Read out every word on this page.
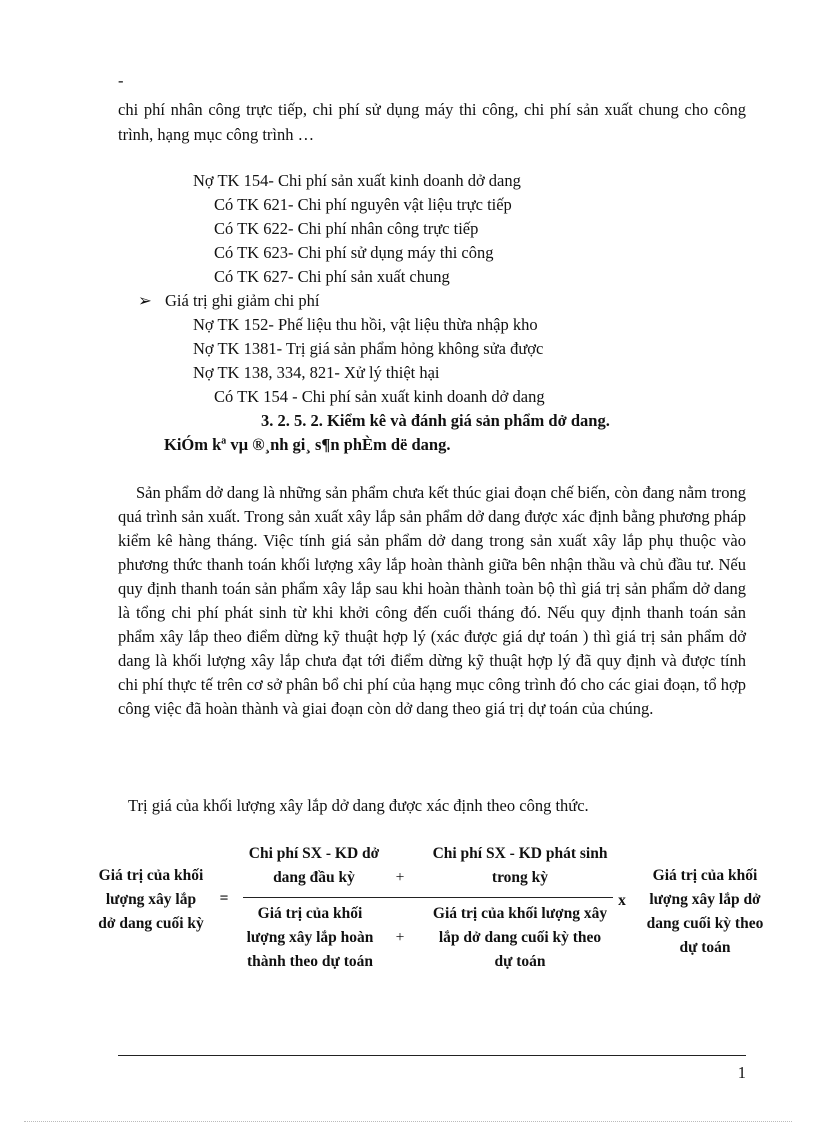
-
chi phí nhân công trực tiếp, chi phí sử dụng máy thi công, chi phí sản xuất chung cho công trình, hạng mục công trình …
Nợ TK 154- Chi phí sản xuất kinh doanh dở dang
Có TK 621- Chi phí nguyên vật liệu trực tiếp
Có TK 622- Chi phí nhân công trực tiếp
Có TK 623- Chi phí sử dụng máy thi công
Có TK 627- Chi phí sản xuất chung
➢ Giá trị ghi giảm chi phí
Nợ TK 152- Phế liệu thu hồi, vật liệu thừa nhập kho
Nợ TK 1381- Trị giá sản phẩm hỏng không sửa được
Nợ TK 138, 334, 821- Xử lý thiệt hại
Có TK 154 - Chi phí sản xuất kinh doanh dở dang
3. 2. 5. 2. Kiểm kê và đánh giá sản phẩm dở dang.
KiÓm kª vµ ®¸nh gi¸ s¶n phÈm dë dang.
Sản phẩm dở dang là những sản phẩm chưa kết thúc giai đoạn chế biến, còn đang nằm trong quá trình sản xuất. Trong sản xuất xây lắp sản phẩm dở dang được xác định bằng phương pháp kiểm kê hàng tháng. Việc tính giá sản phẩm dở dang trong sản xuất xây lắp phụ thuộc vào phương thức thanh toán khối lượng xây lắp hoàn thành giữa bên nhận thầu và chủ đầu tư. Nếu quy định thanh toán sản phẩm xây lắp sau khi hoàn thành toàn bộ thì giá trị sản phẩm dở dang là tổng chi phí phát sinh từ khi khởi công đến cuối tháng đó. Nếu quy định thanh toán sản phẩm xây lắp theo điểm dừng kỹ thuật hợp lý (xác được giá dự toán ) thì giá trị sản phẩm dở dang là khối lượng xây lắp chưa đạt tới điểm dừng kỹ thuật hợp lý đã quy định và được tính chi phí thực tế trên cơ sở phân bổ chi phí của hạng mục công trình đó cho các giai đoạn, tổ hợp công việc đã hoàn thành và giai đoạn còn dở dang theo giá trị dự toán của chúng.
Trị giá của khối lượng xây lắp dở dang được xác định theo công thức.
Giá trị của khối lượng xây lắp dở dang cuối kỳ
=
Chi phí SX - KD dở dang đầu kỳ	+
Chi phí SX - KD phát sinh trong kỳ
Giá trị của khối lượng xây lắp hoàn thành theo dự toán
+
Giá trị của khối lượng xây lắp dở dang cuối kỳ theo dự toán
x
Giá trị của khối lượng xây lắp dở dang cuối kỳ theo dự toán
1
